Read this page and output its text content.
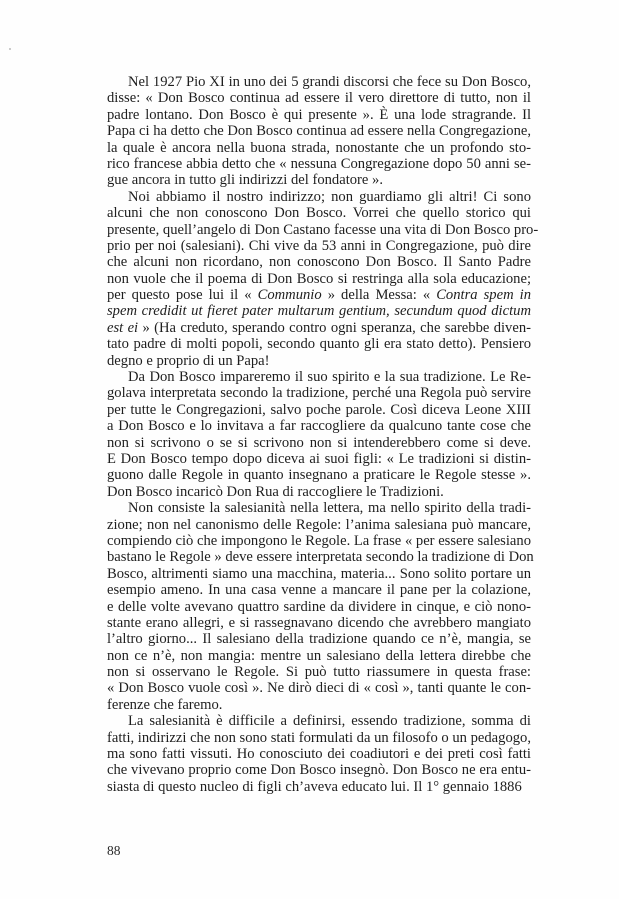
Nel 1927 Pio XI in uno dei 5 grandi discorsi che fece su Don Bosco,
disse: « Don Bosco continua ad essere il vero direttore di tutto, non il
padre lontano. Don Bosco è qui presente ». È una lode stragrande. Il
Papa ci ha detto che Don Bosco continua ad essere nella Congregazione,
la quale è ancora nella buona strada, nonostante che un profondo sto-
rico francese abbia detto che « nessuna Congregazione dopo 50 anni se-
gue ancora in tutto gli indirizzi del fondatore ».
Noi abbiamo il nostro indirizzo; non guardiamo gli altri! Ci sono
alcuni che non conoscono Don Bosco. Vorrei che quello storico qui
presente, quell’angelo di Don Castano facesse una vita di Don Bosco pro-
prio per noi (salesiani). Chi vive da 53 anni in Congregazione, può dire
che alcuni non ricordano, non conoscono Don Bosco. Il Santo Padre
non vuole che il poema di Don Bosco si restringa alla sola educazione;
per questo pose lui il « Communio » della Messa: « Contra spem in
spem credidit ut fieret pater multarum gentium, secundum quod dictum
est ei » (Ha creduto, sperando contro ogni speranza, che sarebbe diven-
tato padre di molti popoli, secondo quanto gli era stato detto). Pensiero
degno e proprio di un Papa!
Da Don Bosco impareremo il suo spirito e la sua tradizione. Le Re-
golava interpretata secondo la tradizione, perché una Regola può servire
per tutte le Congregazioni, salvo poche parole. Così diceva Leone XIII
a Don Bosco e lo invitava a far raccogliere da qualcuno tante cose che
non si scrivono o se si scrivono non si intenderebbero come si deve.
E Don Bosco tempo dopo diceva ai suoi figli: « Le tradizioni si distin-
guono dalle Regole in quanto insegnano a praticare le Regole stesse ».
Don Bosco incaricò Don Rua di raccogliere le Tradizioni.
Non consiste la salesianità nella lettera, ma nello spirito della tradi-
zione; non nel canonismo delle Regole: l’anima salesiana può mancare,
compiendo ciò che impongono le Regole. La frase « per essere salesiano
bastano le Regole » deve essere interpretata secondo la tradizione di Don
Bosco, altrimenti siamo una macchina, materia... Sono solito portare un
esempio ameno. In una casa venne a mancare il pane per la colazione,
e delle volte avevano quattro sardine da dividere in cinque, e ciò nono-
stante erano allegri, e si rassegnavano dicendo che avrebbero mangiato
l’altro giorno... Il salesiano della tradizione quando ce n’è, mangia, se
non ce n’è, non mangia: mentre un salesiano della lettera direbbe che
non si osservano le Regole. Si può tutto riassumere in questa frase:
« Don Bosco vuole così ». Ne dirò dieci di « così », tanti quante le con-
ferenze che faremo.
La salesianità è difficile a definirsi, essendo tradizione, somma di
fatti, indirizzi che non sono stati formulati da un filosofo o un pedagogo,
ma sono fatti vissuti. Ho conosciuto dei coadiutori e dei preti così fatti
che vivevano proprio come Don Bosco insegnò. Don Bosco ne era entu-
siasta di questo nucleo di figli ch’aveva educato lui. Il 1° gennaio 1886
88
